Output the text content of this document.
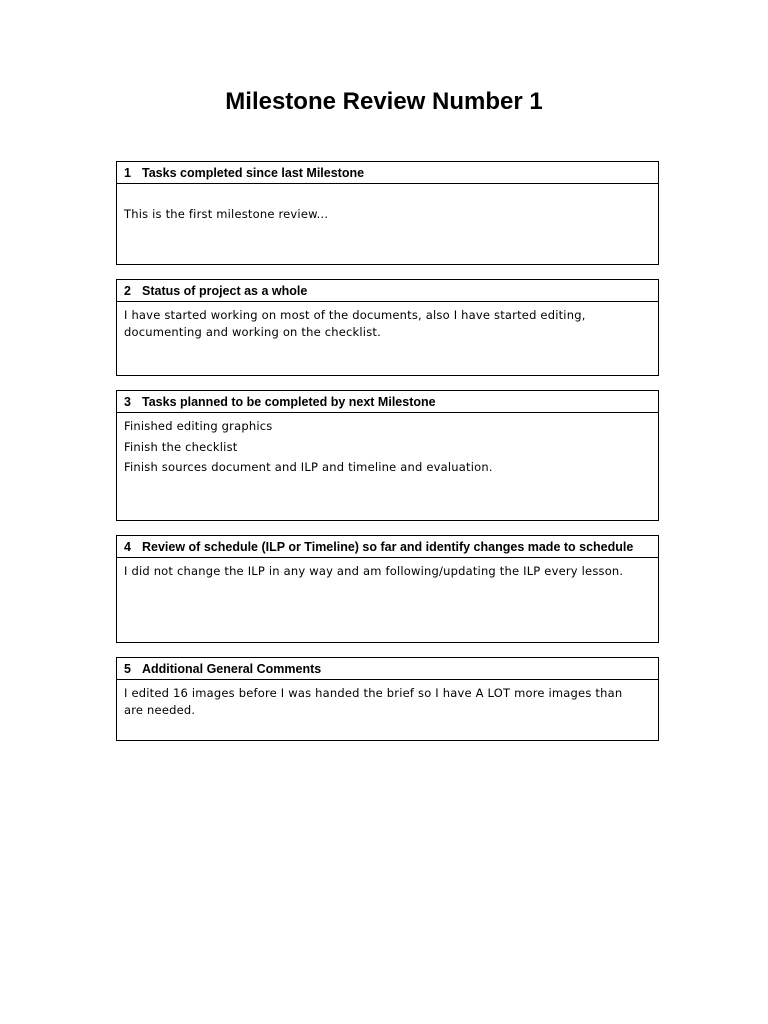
Milestone Review Number 1
1 Tasks completed since last Milestone

This is the first milestone review...

2 Status of project as a whole

I have started working on most of the documents, also I have started editing,

documenting and working on the checklist.

3 Tasks planned to be completed by next Milestone

Finished editing graphics

Finish the checklist

Finish sources document and ILP and timeline and evaluation.

4 Review of schedule (ILP or Timeline) so far and identify changes made to schedule

I did not change the ILP in any way and am following/updating the ILP every lesson.

5 Additional General Comments

I edited 16 images before I was handed the brief so I have A LOT more images than

are needed.
